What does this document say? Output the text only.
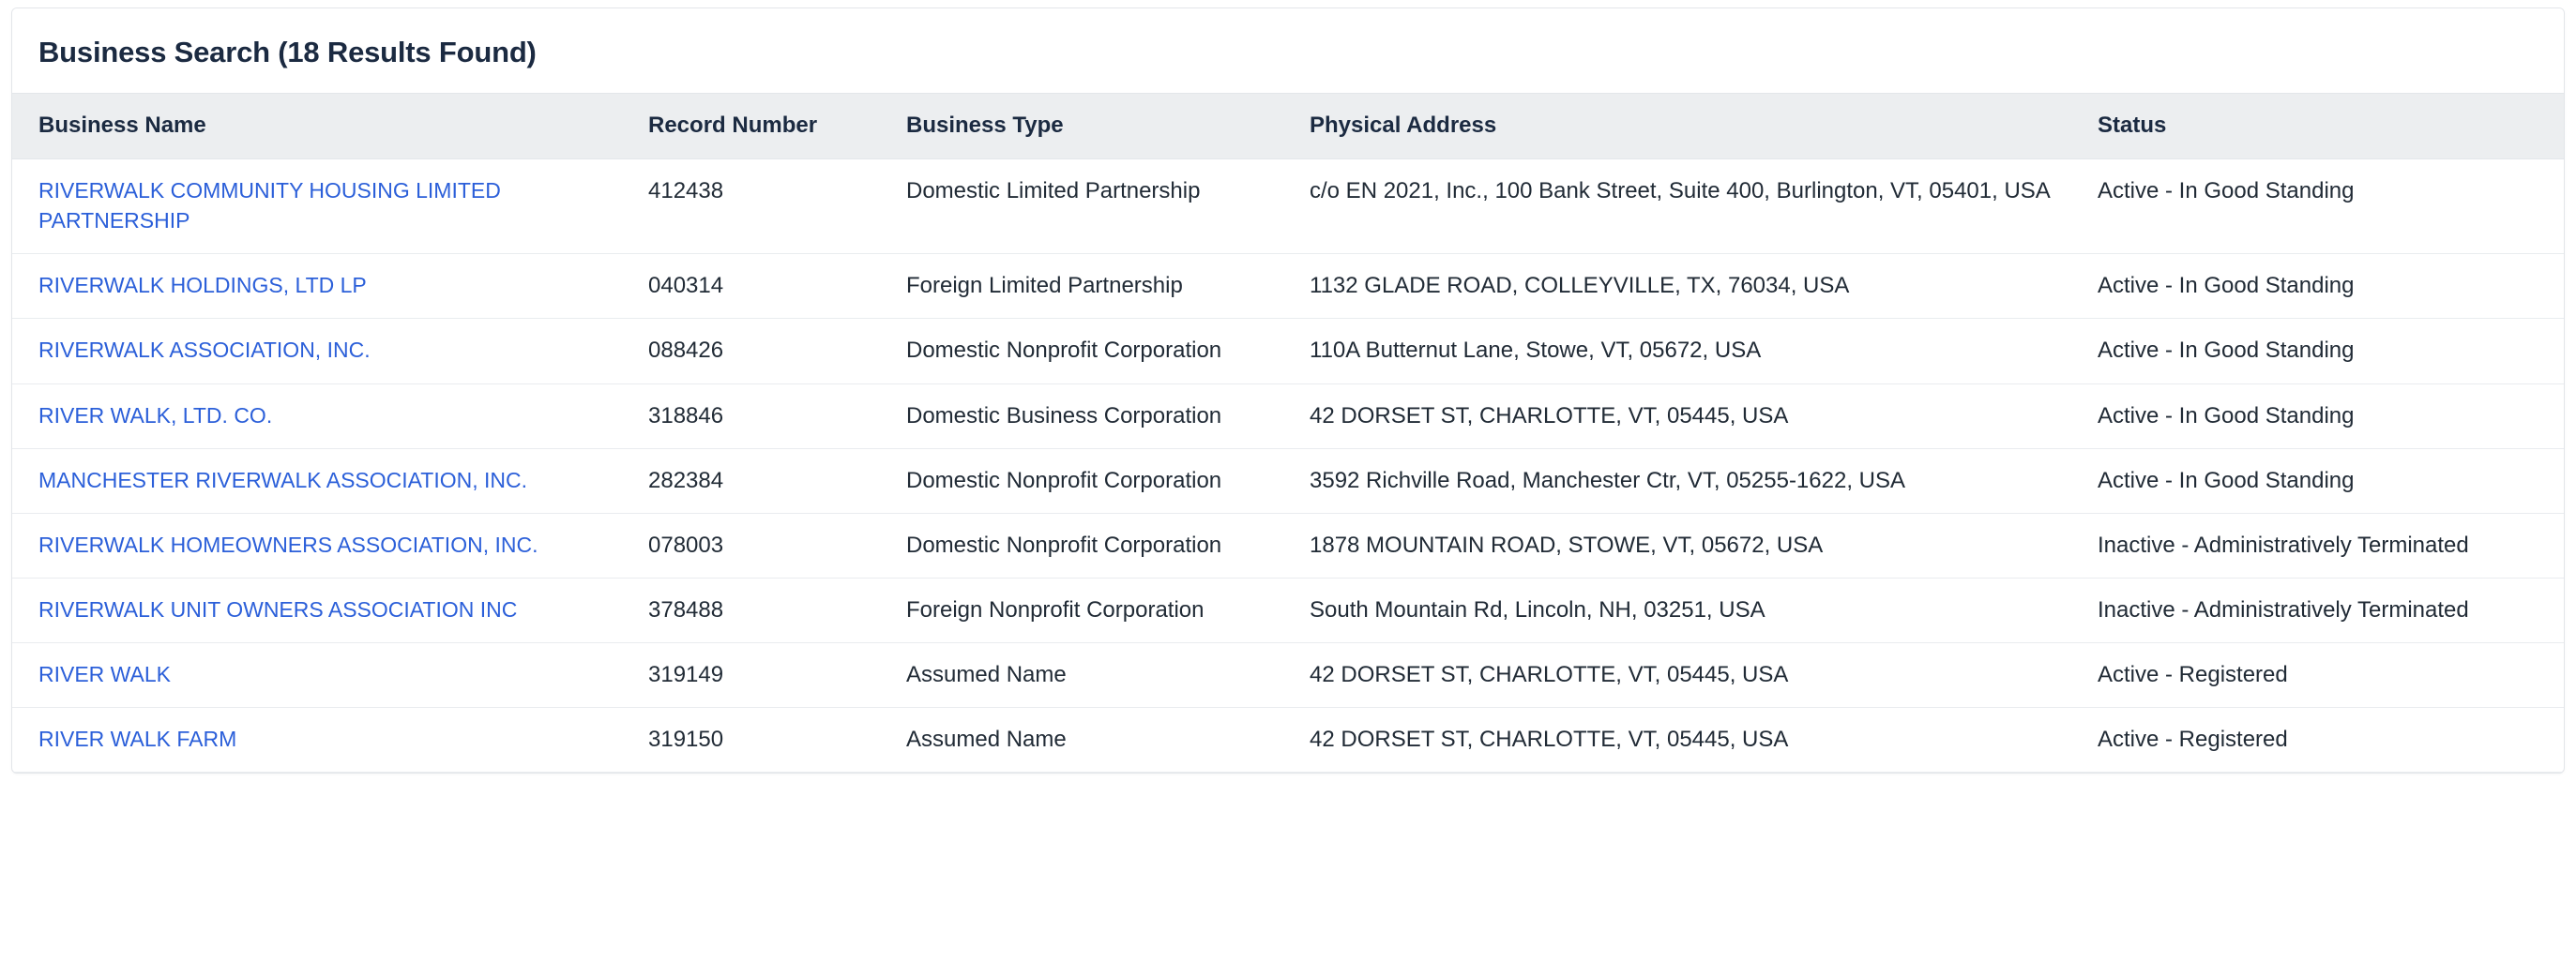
Business Search (18 Results Found)
Business Name	Record Number	Business Type	Physical Address	Status
RIVERWALK COMMUNITY HOUSING LIMITED PARTNERSHIP	412438	Domestic Limited Partnership	c/o EN 2021, Inc., 100 Bank Street, Suite 400, Burlington, VT, 05401, USA	Active - In Good Standing
RIVERWALK HOLDINGS, LTD LP	040314	Foreign Limited Partnership	1132 GLADE ROAD, COLLEYVILLE, TX, 76034, USA	Active - In Good Standing
RIVERWALK ASSOCIATION, INC.	088426	Domestic Nonprofit Corporation	110A Butternut Lane, Stowe, VT, 05672, USA	Active - In Good Standing
RIVER WALK, LTD. CO.	318846	Domestic Business Corporation	42 DORSET ST, CHARLOTTE, VT, 05445, USA	Active - In Good Standing
MANCHESTER RIVERWALK ASSOCIATION, INC.	282384	Domestic Nonprofit Corporation	3592 Richville Road, Manchester Ctr, VT, 05255-1622, USA	Active - In Good Standing
RIVERWALK HOMEOWNERS ASSOCIATION, INC.	078003	Domestic Nonprofit Corporation	1878 MOUNTAIN ROAD, STOWE, VT, 05672, USA	Inactive - Administratively Terminated
RIVERWALK UNIT OWNERS ASSOCIATION INC	378488	Foreign Nonprofit Corporation	South Mountain Rd, Lincoln, NH, 03251, USA	Inactive - Administratively Terminated
RIVER WALK	319149	Assumed Name	42 DORSET ST, CHARLOTTE, VT, 05445, USA	Active - Registered
RIVER WALK FARM	319150	Assumed Name	42 DORSET ST, CHARLOTTE, VT, 05445, USA	Active - Registered
